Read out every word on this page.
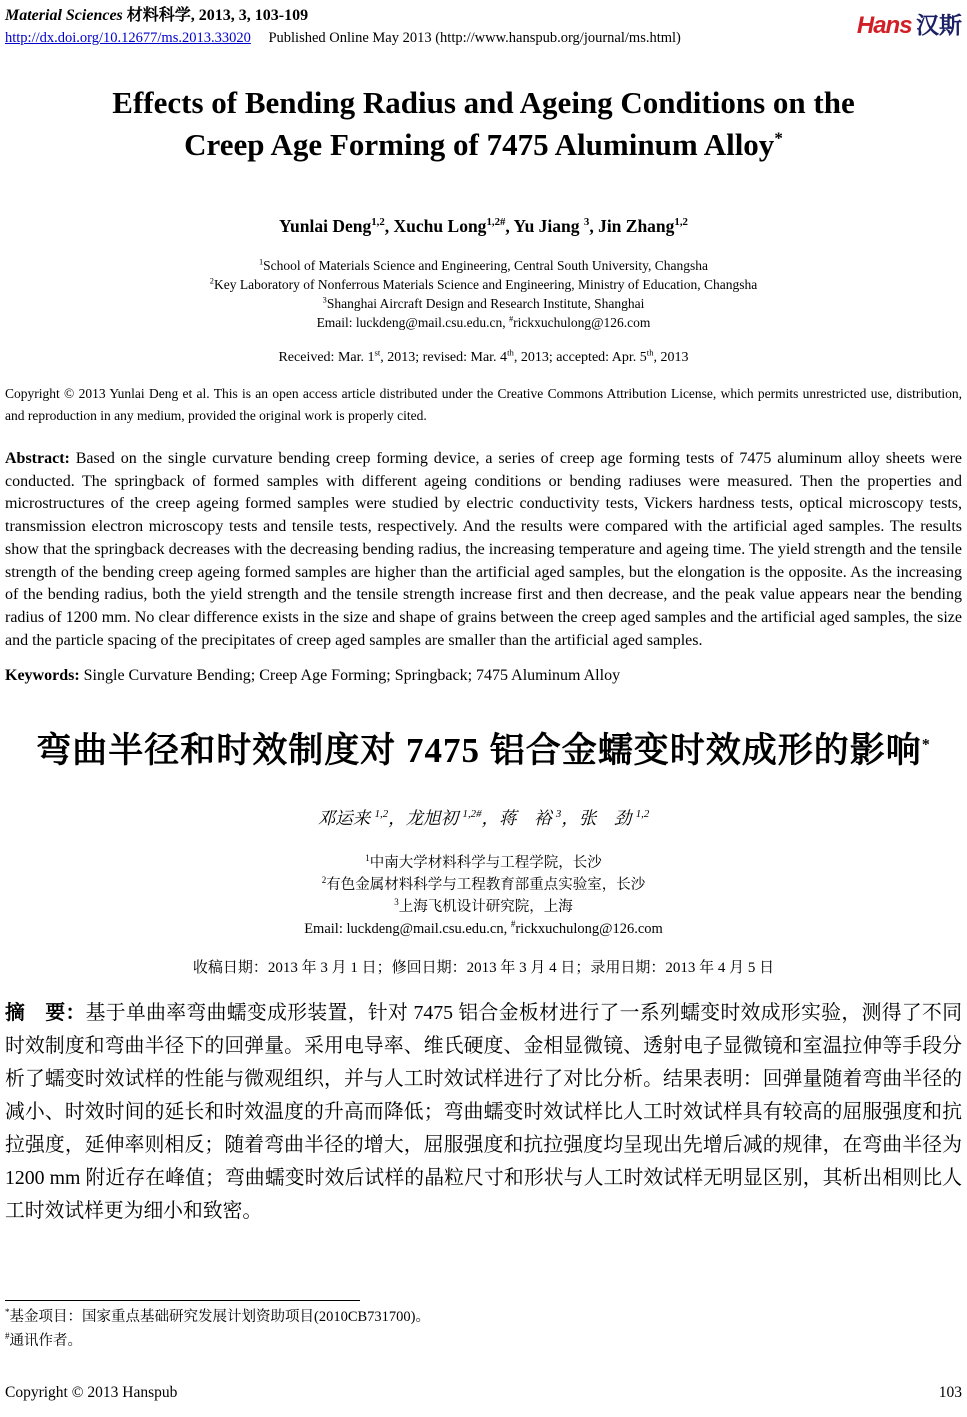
Material Sciences 材料科学, 2013, 3, 103-109
http://dx.doi.org/10.12677/ms.2013.33020 Published Online May 2013 (http://www.hanspub.org/journal/ms.html)	Hans 汉斯
Effects of Bending Radius and Ageing Conditions on the
Creep Age Forming of 7475 Aluminum Alloy*
Yunlai Deng$^{1,2}$, Xuchu Long$^{1,2\#}$, Yu Jiang $^3$, Jin Zhang$^{1,2}$
$^1$School of Materials Science and Engineering, Central South University, Changsha
$^2$Key Laboratory of Nonferrous Materials Science and Engineering, Ministry of Education, Changsha
$^3$Shanghai Aircraft Design and Research Institute, Shanghai
Email: luckdeng@mail.csu.edu.cn, #rickxuchulong@126.com
Received: Mar. 1st, 2013; revised: Mar. 4th, 2013; accepted: Apr. 5th, 2013
Copyright © 2013 Yunlai Deng et al. This is an open access article distributed under the Creative Commons Attribution License, which permits unrestricted use, distribution, and reproduction in any medium, provided the original work is properly cited.
Abstract: Based on the single curvature bending creep forming device, a series of creep age forming tests of 7475 aluminum alloy sheets were conducted. The springback of formed samples with different ageing conditions or bending radiuses were measured. Then the properties and microstructures of the creep ageing formed samples were studied by electric conductivity tests, Vickers hardness tests, optical microscopy tests, transmission electron microscopy tests and tensile tests, respectively. And the results were compared with the artificial aged samples. The results show that the springback decreases with the decreasing bending radius, the increasing temperature and ageing time. The yield strength and the tensile strength of the bending creep ageing formed samples are higher than the artificial aged samples, but the elongation is the opposite. As the increasing of the bending radius, both the yield strength and the tensile strength increase first and then decrease, and the peak value appears near the bending radius of 1200 mm. No clear difference exists in the size and shape of grains between the creep aged samples and the artificial aged samples, the size and the particle spacing of the precipitates of creep aged samples are smaller than the artificial aged samples.
Keywords: Single Curvature Bending; Creep Age Forming; Springback; 7475 Aluminum Alloy
弯曲半径和时效制度对 7475 铝合金蠕变时效成形的影响*
邓运来 $^{1,2}$，龙旭初 $^{1,2\#}$，蒋　裕 $^3$，张　劲 $^{1,2}$
$^1$中南大学材料科学与工程学院，长沙
$^2$有色金属材料科学与工程教育部重点实验室，长沙
$^3$上海飞机设计研究院，上海
Email: luckdeng@mail.csu.edu.cn, #rickxuchulong@126.com
收稿日期：2013 年 3 月 1 日；修回日期：2013 年 3 月 4 日；录用日期：2013 年 4 月 5 日
摘　要：基于单曲率弯曲蠕变成形装置，针对 7475 铝合金板材进行了一系列蠕变时效成形实验，测得了不同时效制度和弯曲半径下的回弹量。采用电导率、维氏硬度、金相显微镜、透射电子显微镜和室温拉伸等手段分析了蠕变时效试样的性能与微观组织，并与人工时效试样进行了对比分析。结果表明：回弹量随着弯曲半径的减小、时效时间的延长和时效温度的升高而降低；弯曲蠕变时效试样比人工时效试样具有较高的屈服强度和抗拉强度，延伸率则相反；随着弯曲半径的增大，屈服强度和抗拉强度均呈现出先增后减的规律，在弯曲半径为 1200 mm 附近存在峰值；弯曲蠕变时效后试样的晶粒尺寸和形状与人工时效试样无明显区别，其析出相则比人工时效试样更为细小和致密。
*基金项目：国家重点基础研究发展计划资助项目(2010CB731700)。
#通讯作者。
Copyright © 2013 Hanspub	103
